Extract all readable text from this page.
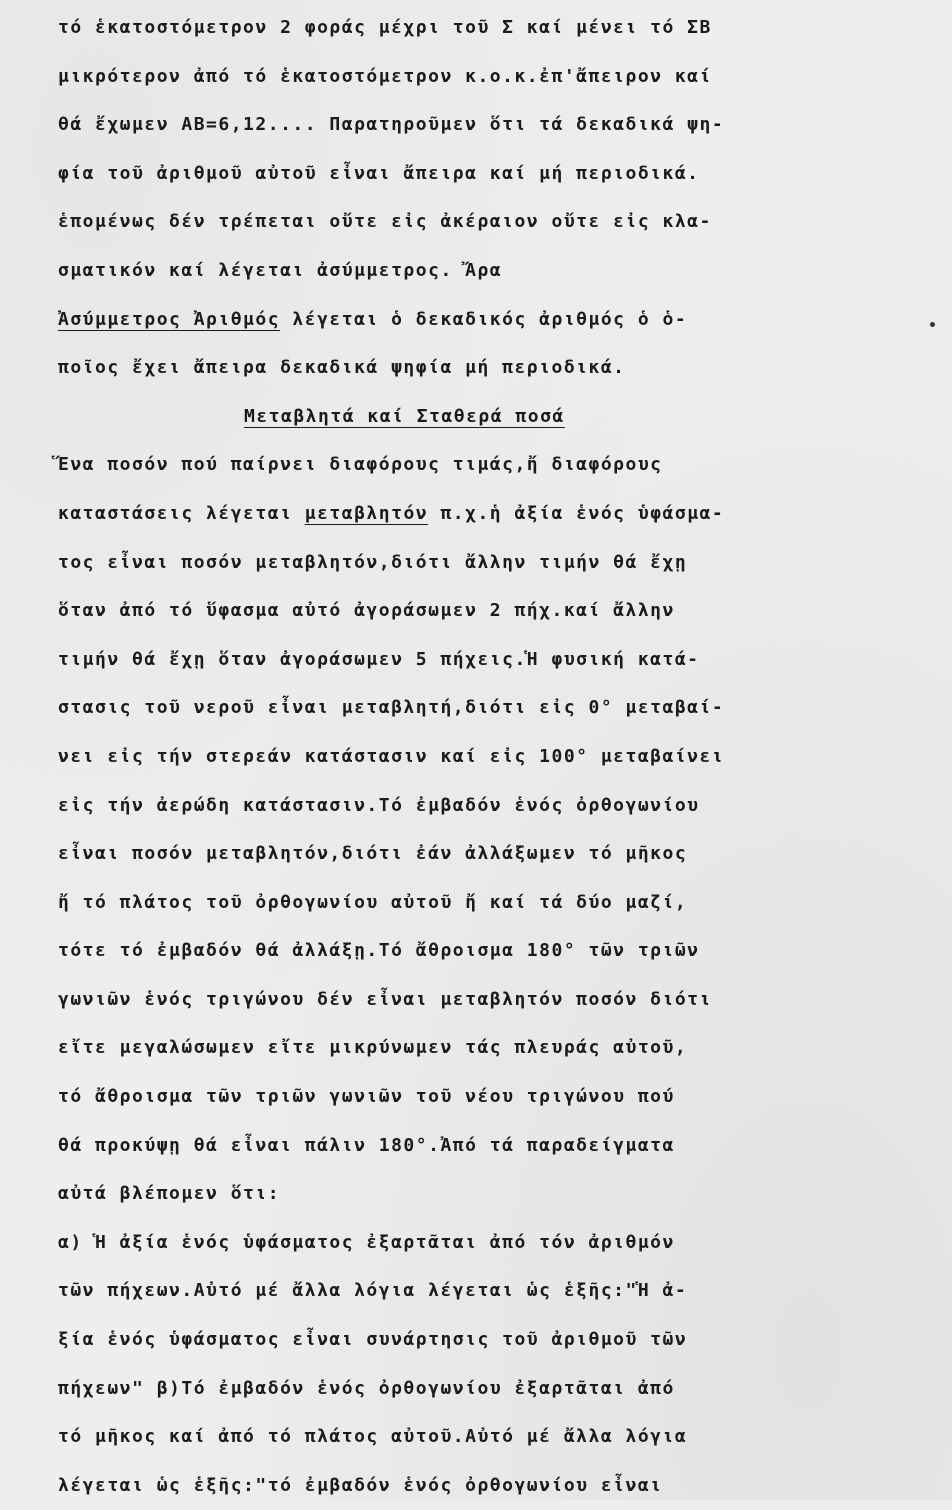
τό ἑκατοστόμετρον 2 φοράς μέχρι τοῦ Σ καί μένει τό ΣΒ
μικρότερον ἀπό τό ἑκατοστόμετρον κ.ο.κ.ἐπ'ἄπειρον καί
θά ἔχωμεν ΑΒ=6,12.... Παρατηροῦμεν ὅτι τά δεκαδικά ψη-
φία τοῦ ἀριθμοῦ αὐτοῦ εἶναι ἄπειρα καί μή περιοδικά.
ἑπομένως δέν τρέπεται οὔτε εἰς ἀκέραιον οὔτε εἰς κλα-
σματικόν καί λέγεται ἀσύμμετρος. Ἄρα
Ἀσύμμετρος Ἀριθμός λέγεται ὁ δεκαδικός ἀριθμός ὁ ὁ-
ποῖος ἔχει ἄπειρα δεκαδικά ψηφία μή περιοδικά.
Μεταβλητά καί Σταθερά ποσά
Ἕνα ποσόν πού παίρνει διαφόρους τιμάς,ἤ διαφόρους
καταστάσεις λέγεται μεταβλητόν π.χ.ἡ ἀξία ἑνός ὑφάσμα-
τος εἶναι ποσόν μεταβλητόν,διότι ἄλλην τιμήν θά ἔχῃ
ὅταν ἀπό τό ὕφασμα αὐτό ἀγοράσωμεν 2 πήχ.καί ἄλλην
τιμήν θά ἔχῃ ὅταν ἀγοράσωμεν 5 πήχεις.Ἡ φυσική κατά-
στασις τοῦ νεροῦ εἶναι μεταβλητή,διότι εἰς 0° μεταβαί-
νει εἰς τήν στερεάν κατάστασιν καί εἰς 100° μεταβαίνει
εἰς τήν ἀερώδη κατάστασιν.Τό ἐμβαδόν ἑνός ὀρθογωνίου
εἶναι ποσόν μεταβλητόν,διότι ἐάν ἀλλάξωμεν τό μῆκος
ἤ τό πλάτος τοῦ ὀρθογωνίου αὐτοῦ ἤ καί τά δύο μαζί,
τότε τό ἐμβαδόν θά ἀλλάξῃ.Τό ἄθροισμα 180° τῶν τριῶν
γωνιῶν ἑνός τριγώνου δέν εἶναι μεταβλητόν ποσόν διότι
εἴτε μεγαλώσωμεν εἴτε μικρύνωμεν τάς πλευράς αὐτοῦ,
τό ἄθροισμα τῶν τριῶν γωνιῶν τοῦ νέου τριγώνου πού
θά προκύψῃ θά εἶναι πάλιν 180°.Ἀπό τά παραδείγματα
αὐτά βλέπομεν ὅτι:
α) Ἡ ἀξία ἑνός ὑφάσματος ἐξαρτᾶται ἀπό τόν ἀριθμόν
τῶν πήχεων.Αὐτό μέ ἄλλα λόγια λέγεται ὡς ἑξῆς:"Ἡ ἀ-
ξία ἑνός ὑφάσματος εἶναι συνάρτησις τοῦ ἀριθμοῦ τῶν
πήχεων" β)Τό ἐμβαδόν ἑνός ὀρθογωνίου ἐξαρτᾶται ἀπό
τό μῆκος καί ἀπό τό πλάτος αὐτοῦ.Αὐτό μέ ἄλλα λόγια
λέγεται ὡς ἑξῆς:"τό ἐμβαδόν ἑνός ὀρθογωνίου εἶναι
